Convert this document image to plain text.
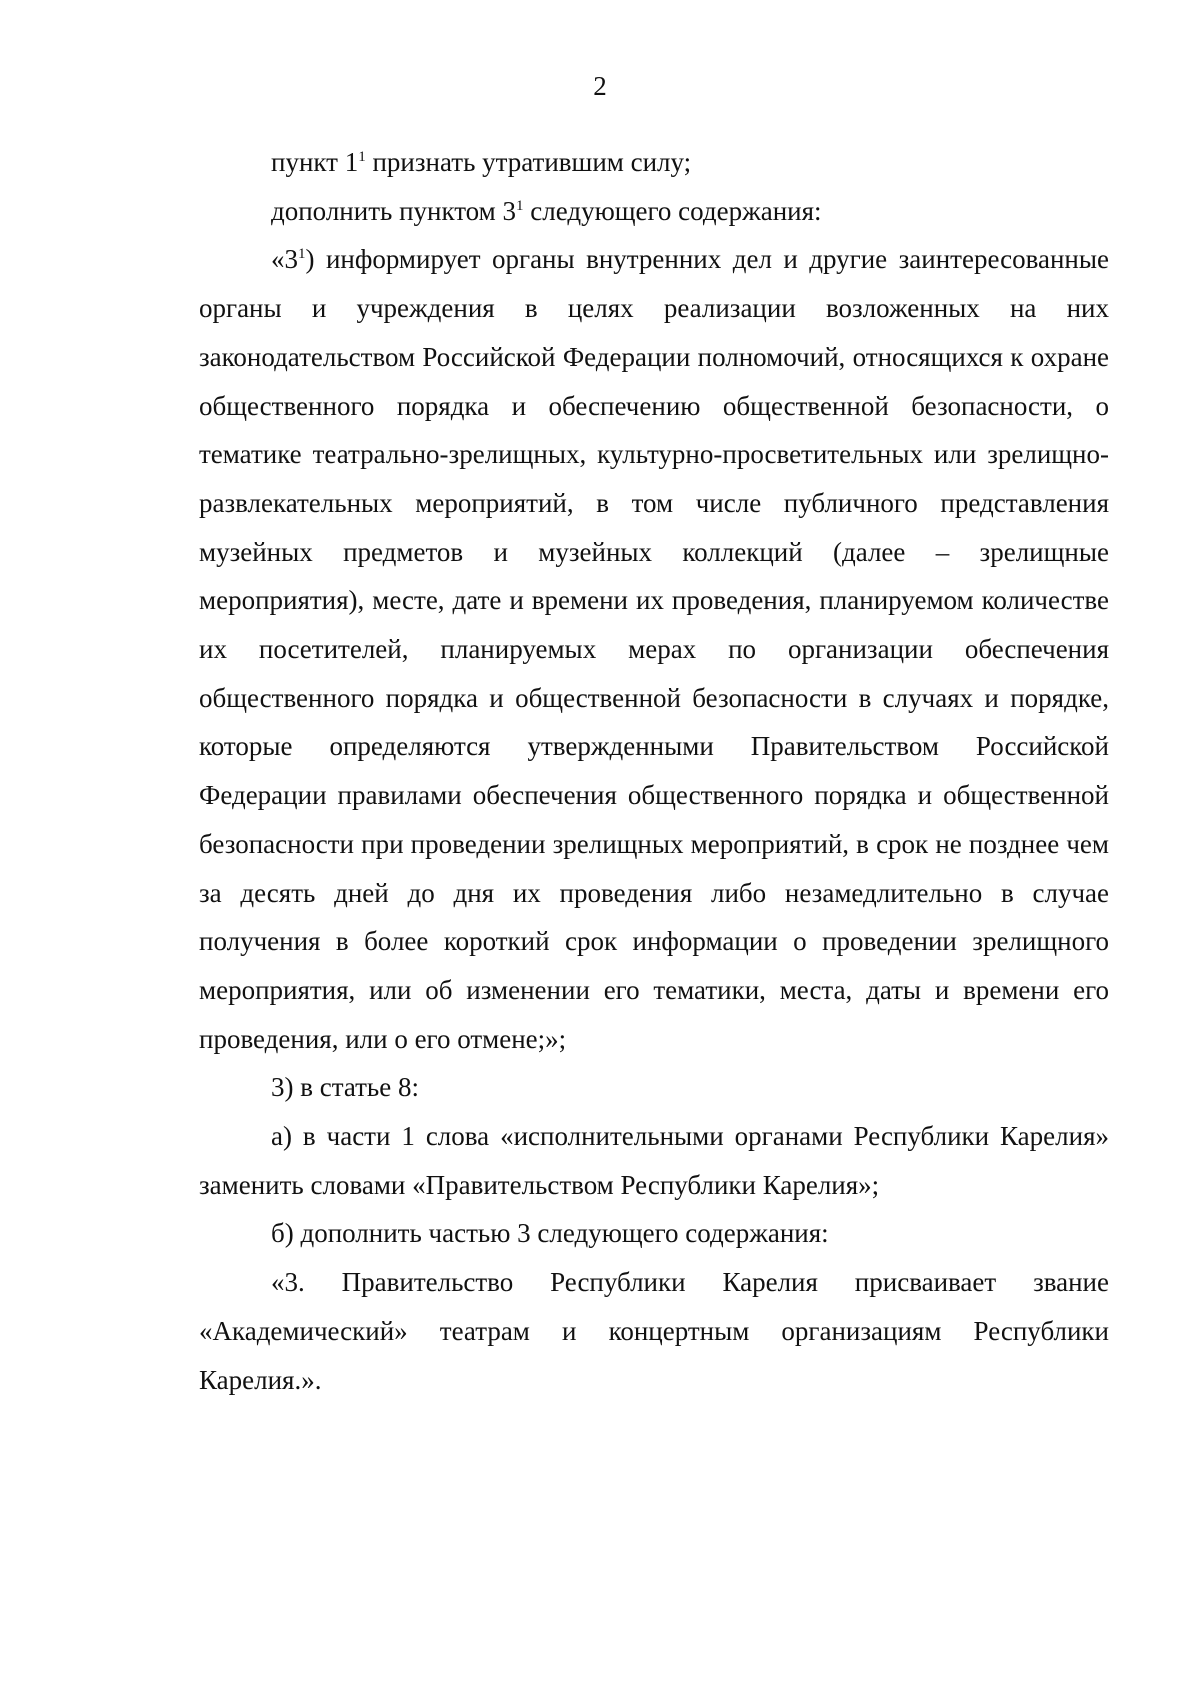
2

пункт $1^1$ признать утратившим силу;

дополнить пунктом $3^1$ следующего содержания:

«$3^1$) информирует органы внутренних дел и другие заинтересованные органы и учреждения в целях реализации возложенных на них законодательством Российской Федерации полномочий, относящихся к охране общественного порядка и обеспечению общественной безопасности, о тематике театрально-зрелищных, культурно-просветительных или зрелищно-развлекательных мероприятий, в том числе публичного представления музейных предметов и музейных коллекций (далее – зрелищные мероприятия), месте, дате и времени их проведения, планируемом количестве их посетителей, планируемых мерах по организации обеспечения общественного порядка и общественной безопасности в случаях и порядке, которые определяются утвержденными Правительством Российской Федерации правилами обеспечения общественного порядка и общественной безопасности при проведении зрелищных мероприятий, в срок не позднее чем за десять дней до дня их проведения либо незамедлительно в случае получения в более короткий срок информации о проведении зрелищного мероприятия, или об изменении его тематики, места, даты и времени его проведения, или о его отмене;»;

3) в статье 8:

а) в части 1 слова «исполнительными органами Республики Карелия» заменить словами «Правительством Республики Карелия»;

б) дополнить частью 3 следующего содержания:

«3. Правительство Республики Карелия присваивает звание «Академический» театрам и концертным организациям Республики Карелия.».
